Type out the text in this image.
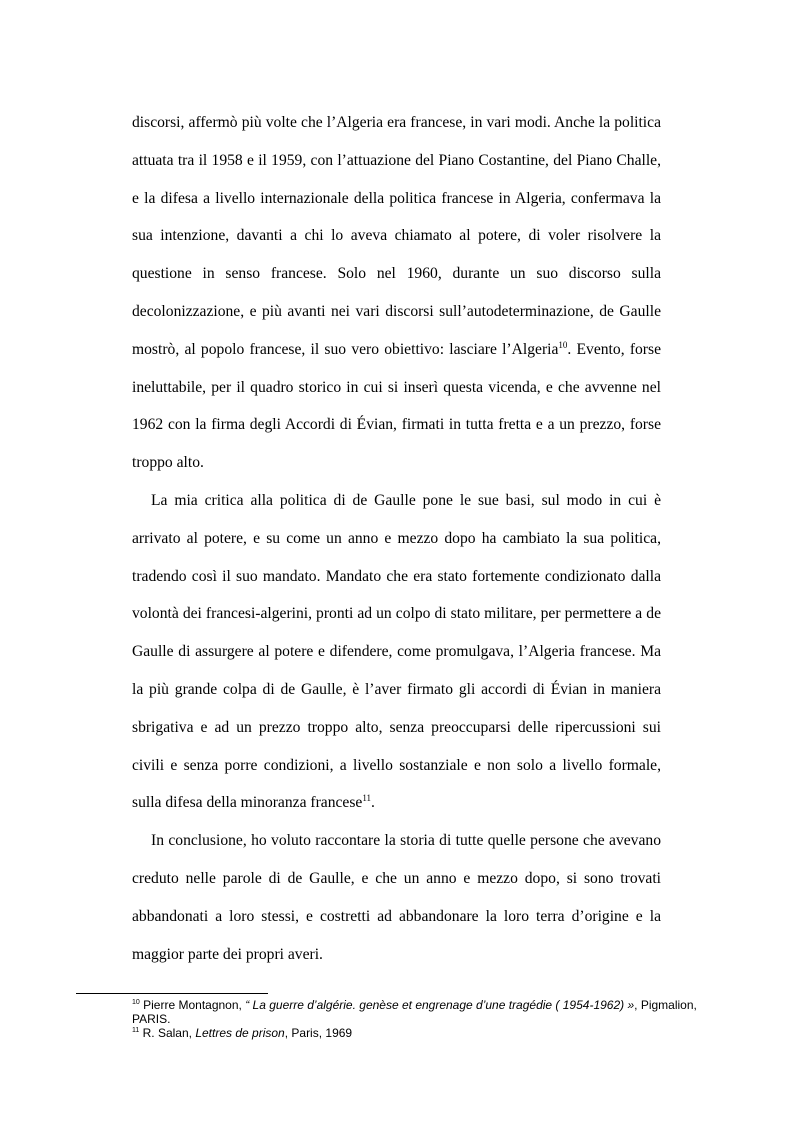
discorsi, affermò più volte che l’Algeria era francese, in vari modi. Anche la politica attuata tra il 1958 e il 1959, con l’attuazione del Piano Costantine, del Piano Challe, e la difesa a livello internazionale della politica francese in Algeria, confermava la sua intenzione, davanti a chi lo aveva chiamato al potere, di voler risolvere la questione in senso francese. Solo nel 1960, durante un suo discorso sulla decolonizzazione, e più avanti nei vari discorsi sull’autodeterminazione, de Gaulle mostrò, al popolo francese, il suo vero obiettivo: lasciare l’Algeria$^{10}$. Evento, forse ineluttabile, per il quadro storico in cui si inserì questa vicenda, e che avvenne nel 1962 con la firma degli Accordi di Évian, firmati in tutta fretta e a un prezzo, forse troppo alto.

La mia critica alla politica di de Gaulle pone le sue basi, sul modo in cui è arrivato al potere, e su come un anno e mezzo dopo ha cambiato la sua politica, tradendo così il suo mandato. Mandato che era stato fortemente condizionato dalla volontà dei francesi-algerini, pronti ad un colpo di stato militare, per permettere a de Gaulle di assurgere al potere e difendere, come promulgava, l’Algeria francese. Ma la più grande colpa di de Gaulle, è l’aver firmato gli accordi di Évian in maniera sbrigativa e ad un prezzo troppo alto, senza preoccuparsi delle ripercussioni sui civili e senza porre condizioni, a livello sostanziale e non solo a livello formale, sulla difesa della minoranza francese$^{11}$.

In conclusione, ho voluto raccontare la storia di tutte quelle persone che avevano creduto nelle parole di de Gaulle, e che un anno e mezzo dopo, si sono trovati abbandonati a loro stessi, e costretti ad abbandonare la loro terra d’origine e la maggior parte dei propri averi.

$^{10}$ Pierre Montagnon, “ La guerre d’algérie. genèse et engrenage d’une tragédie ( 1954-1962) », Pigmalion, PARIS.

$^{11}$ R. Salan, Lettres de prison, Paris, 1969
